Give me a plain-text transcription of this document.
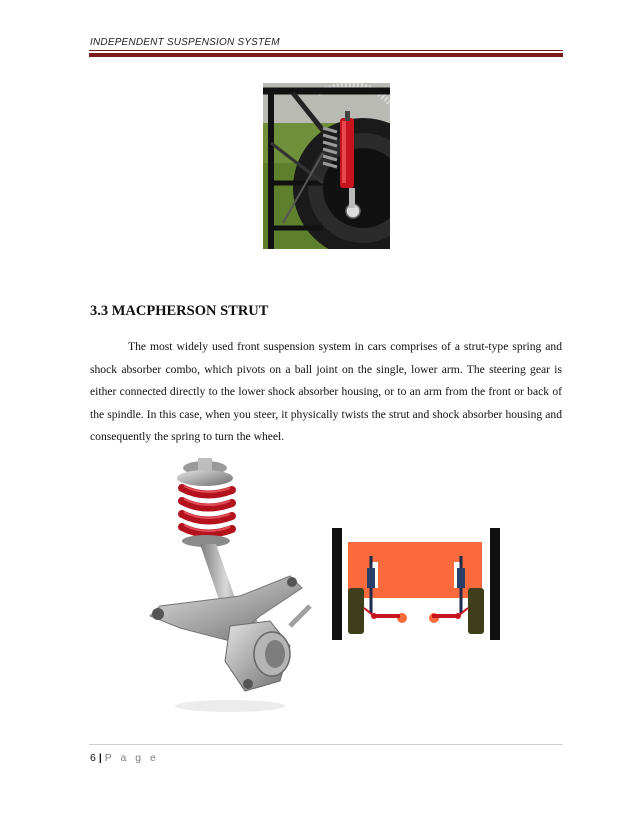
INDEPENDENT SUSPENSION SYSTEM
3.3 MACPHERSON STRUT

The most widely used front suspension system in cars comprises of a strut-type spring and shock absorber combo, which pivots on a ball joint on the single, lower arm. The steering gear is either connected directly to the lower shock absorber housing, or to an arm from the front or back of the spindle. In this case, when you steer, it physically twists the strut and shock absorber housing and consequently the spring to turn the wheel.

6 | P a g e
